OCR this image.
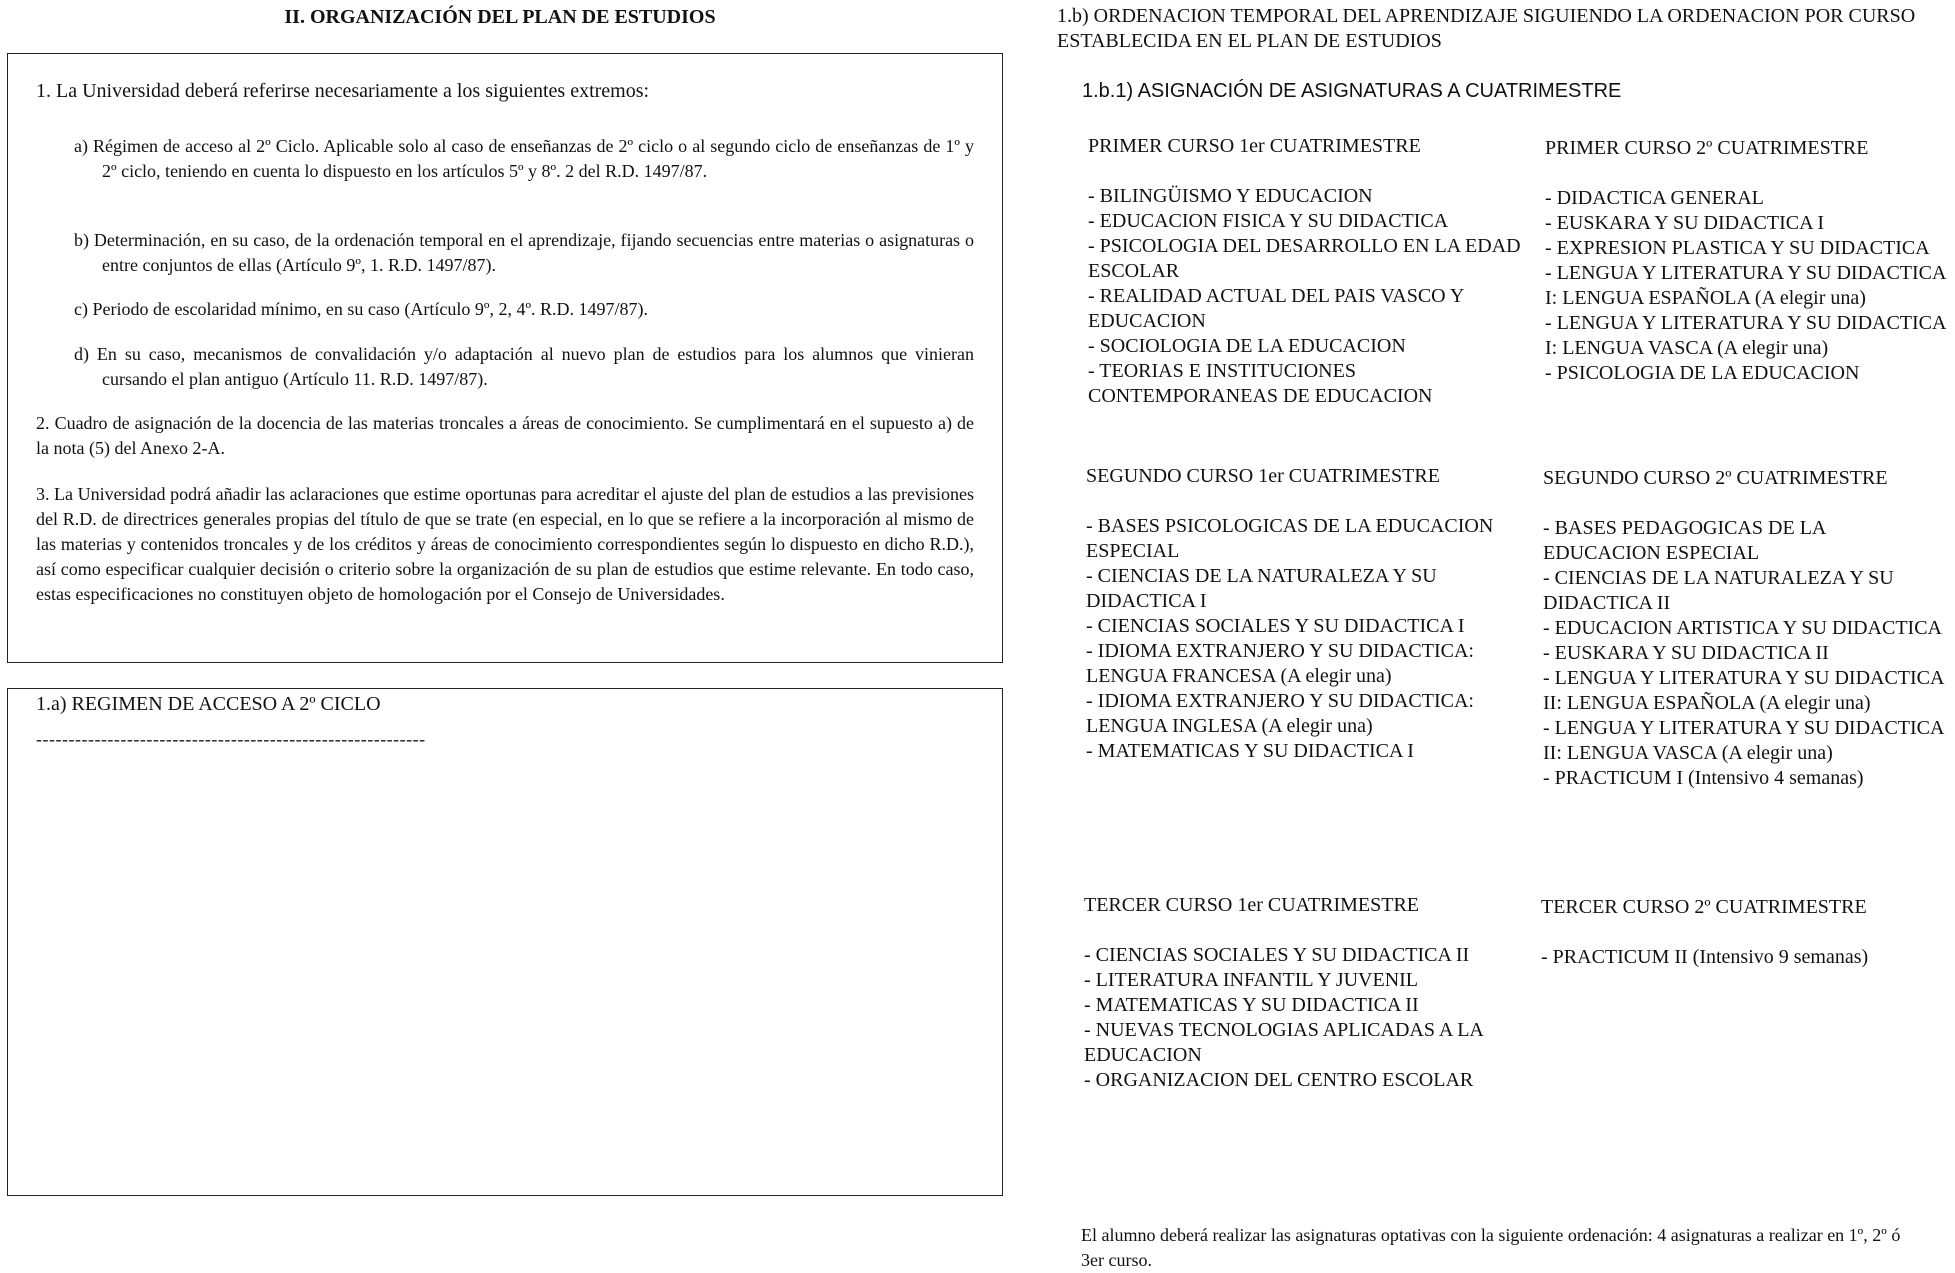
II. ORGANIZACIÓN DEL PLAN DE ESTUDIOS
1. La Universidad deberá referirse necesariamente a los siguientes extremos:
a) Régimen de acceso al 2º Ciclo. Aplicable solo al caso de enseñanzas de 2º ciclo o al segundo ciclo de enseñanzas de 1º y 2º ciclo, teniendo en cuenta lo dispuesto en los artículos 5º y 8º. 2 del R.D. 1497/87.
b) Determinación, en su caso, de la ordenación temporal en el aprendizaje, fijando secuencias entre materias o asignaturas o entre conjuntos de ellas (Artículo 9º, 1. R.D. 1497/87).
c) Periodo de escolaridad mínimo, en su caso (Artículo 9º, 2, 4º. R.D. 1497/87).
d) En su caso, mecanismos de convalidación y/o adaptación al nuevo plan de estudios para los alumnos que vinieran cursando el plan antiguo (Artículo 11. R.D. 1497/87).
2. Cuadro de asignación de la docencia de las materias troncales a áreas de conocimiento. Se cumplimentará en el supuesto a) de la nota (5) del Anexo 2-A.
3. La Universidad podrá añadir las aclaraciones que estime oportunas para acreditar el ajuste del plan de estudios a las previsiones del R.D. de directrices generales propias del título de que se trate (en especial, en lo que se refiere a la incorporación al mismo de las materias y contenidos troncales y de los créditos y áreas de conocimiento correspondientes según lo dispuesto en dicho R.D.), así como especificar cualquier decisión o criterio sobre la organización de su plan de estudios que estime relevante. En todo caso, estas especificaciones no constituyen objeto de homologación por el Consejo de Universidades.
1.a) REGIMEN DE ACCESO A 2º CICLO
------------------------------------------------------------
1.b) ORDENACION TEMPORAL DEL APRENDIZAJE SIGUIENDO LA ORDENACION POR CURSO ESTABLECIDA EN EL PLAN DE ESTUDIOS
1.b.1) ASIGNACIÓN DE ASIGNATURAS A CUATRIMESTRE
PRIMER CURSO 1er CUATRIMESTRE
- BILINGÜISMO Y EDUCACION
- EDUCACION FISICA Y SU DIDACTICA
- PSICOLOGIA DEL DESARROLLO EN LA EDAD ESCOLAR
- REALIDAD ACTUAL DEL PAIS VASCO Y EDUCACION
- SOCIOLOGIA DE LA EDUCACION
- TEORIAS E INSTITUCIONES CONTEMPORANEAS DE EDUCACION
PRIMER CURSO 2º CUATRIMESTRE
- DIDACTICA GENERAL
- EUSKARA Y SU DIDACTICA I
- EXPRESION PLASTICA Y SU DIDACTICA
- LENGUA Y LITERATURA Y SU DIDACTICA I: LENGUA ESPAÑOLA (A elegir una)
- LENGUA Y LITERATURA Y SU DIDACTICA I: LENGUA VASCA (A elegir una)
- PSICOLOGIA DE LA EDUCACION
SEGUNDO CURSO 1er CUATRIMESTRE
- BASES PSICOLOGICAS DE LA EDUCACION ESPECIAL
- CIENCIAS DE LA NATURALEZA Y SU DIDACTICA I
- CIENCIAS SOCIALES Y SU DIDACTICA I
- IDIOMA EXTRANJERO Y SU DIDACTICA: LENGUA FRANCESA (A elegir una)
- IDIOMA EXTRANJERO Y SU DIDACTICA: LENGUA INGLESA (A elegir una)
- MATEMATICAS Y SU DIDACTICA I
SEGUNDO CURSO 2º CUATRIMESTRE
- BASES PEDAGOGICAS DE LA EDUCACION ESPECIAL
- CIENCIAS DE LA NATURALEZA Y SU DIDACTICA II
- EDUCACION ARTISTICA Y SU DIDACTICA
- EUSKARA Y SU DIDACTICA II
- LENGUA Y LITERATURA Y SU DIDACTICA II: LENGUA ESPAÑOLA (A elegir una)
- LENGUA Y LITERATURA Y SU DIDACTICA II: LENGUA VASCA (A elegir una)
- PRACTICUM I (Intensivo 4 semanas)
TERCER CURSO 1er CUATRIMESTRE
- CIENCIAS SOCIALES Y SU DIDACTICA II
- LITERATURA INFANTIL Y JUVENIL
- MATEMATICAS Y SU DIDACTICA II
- NUEVAS TECNOLOGIAS APLICADAS A LA EDUCACION
- ORGANIZACION DEL CENTRO ESCOLAR
TERCER CURSO 2º CUATRIMESTRE
- PRACTICUM II (Intensivo 9 semanas)
El alumno deberá realizar las asignaturas optativas con la siguiente ordenación: 4 asignaturas a realizar en 1º, 2º ó 3er curso.
